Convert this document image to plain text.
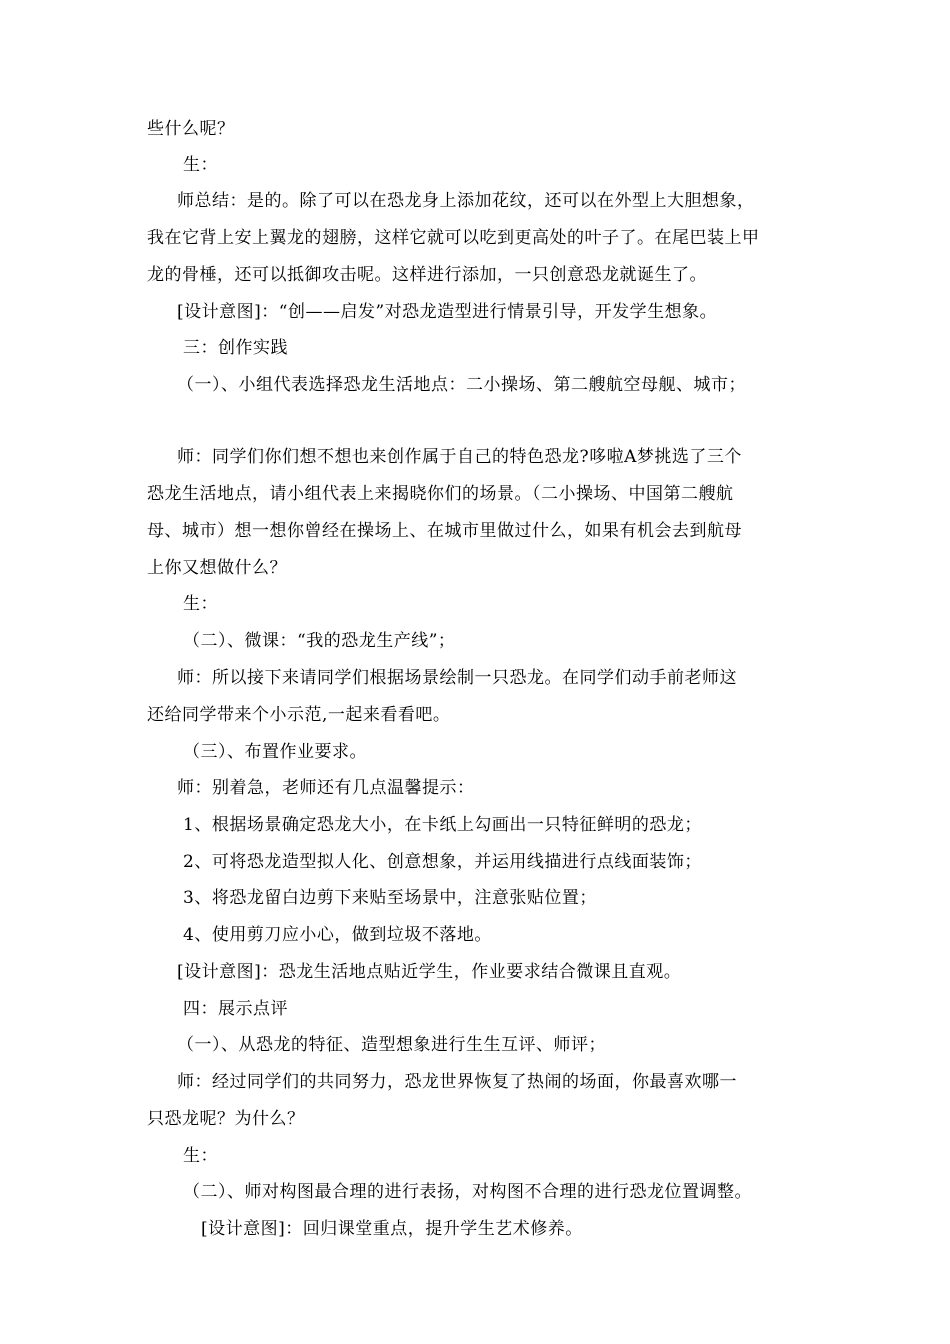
些什么呢？
生：
师总结：是的。除了可以在恐龙身上添加花纹，还可以在外型上大胆想象，
我在它背上安上翼龙的翅膀，这样它就可以吃到更高处的叶子了。在尾巴装上甲
龙的骨棰，还可以抵御攻击呢。这样进行添加，一只创意恐龙就诞生了。
[设计意图]：“创——启发”对恐龙造型进行情景引导，开发学生想象。
三：创作实践
（一）、小组代表选择恐龙生活地点：二小操场、第二艘航空母舰、城市；
师：同学们你们想不想也来创作属于自己的特色恐龙?哆啦A梦挑选了三个
恐龙生活地点，请小组代表上来揭晓你们的场景。（二小操场、中国第二艘航
母、城市）想一想你曾经在操场上、在城市里做过什么，如果有机会去到航母
上你又想做什么？
生：
（二）、微课：“我的恐龙生产线”；
师：所以接下来请同学们根据场景绘制一只恐龙。在同学们动手前老师这
还给同学带来个小示范,一起来看看吧。
（三）、布置作业要求。
师：别着急，老师还有几点温馨提示：
1、根据场景确定恐龙大小，在卡纸上勾画出一只特征鲜明的恐龙；
2、可将恐龙造型拟人化、创意想象，并运用线描进行点线面装饰；
3、将恐龙留白边剪下来贴至场景中，注意张贴位置；
4、使用剪刀应小心，做到垃圾不落地。
[设计意图]：恐龙生活地点贴近学生，作业要求结合微课且直观。
四：展示点评
（一）、从恐龙的特征、造型想象进行生生互评、师评；
师：经过同学们的共同努力，恐龙世界恢复了热闹的场面，你最喜欢哪一
只恐龙呢？为什么？
生：
（二）、师对构图最合理的进行表扬，对构图不合理的进行恐龙位置调整。
[设计意图]：回归课堂重点，提升学生艺术修养。
